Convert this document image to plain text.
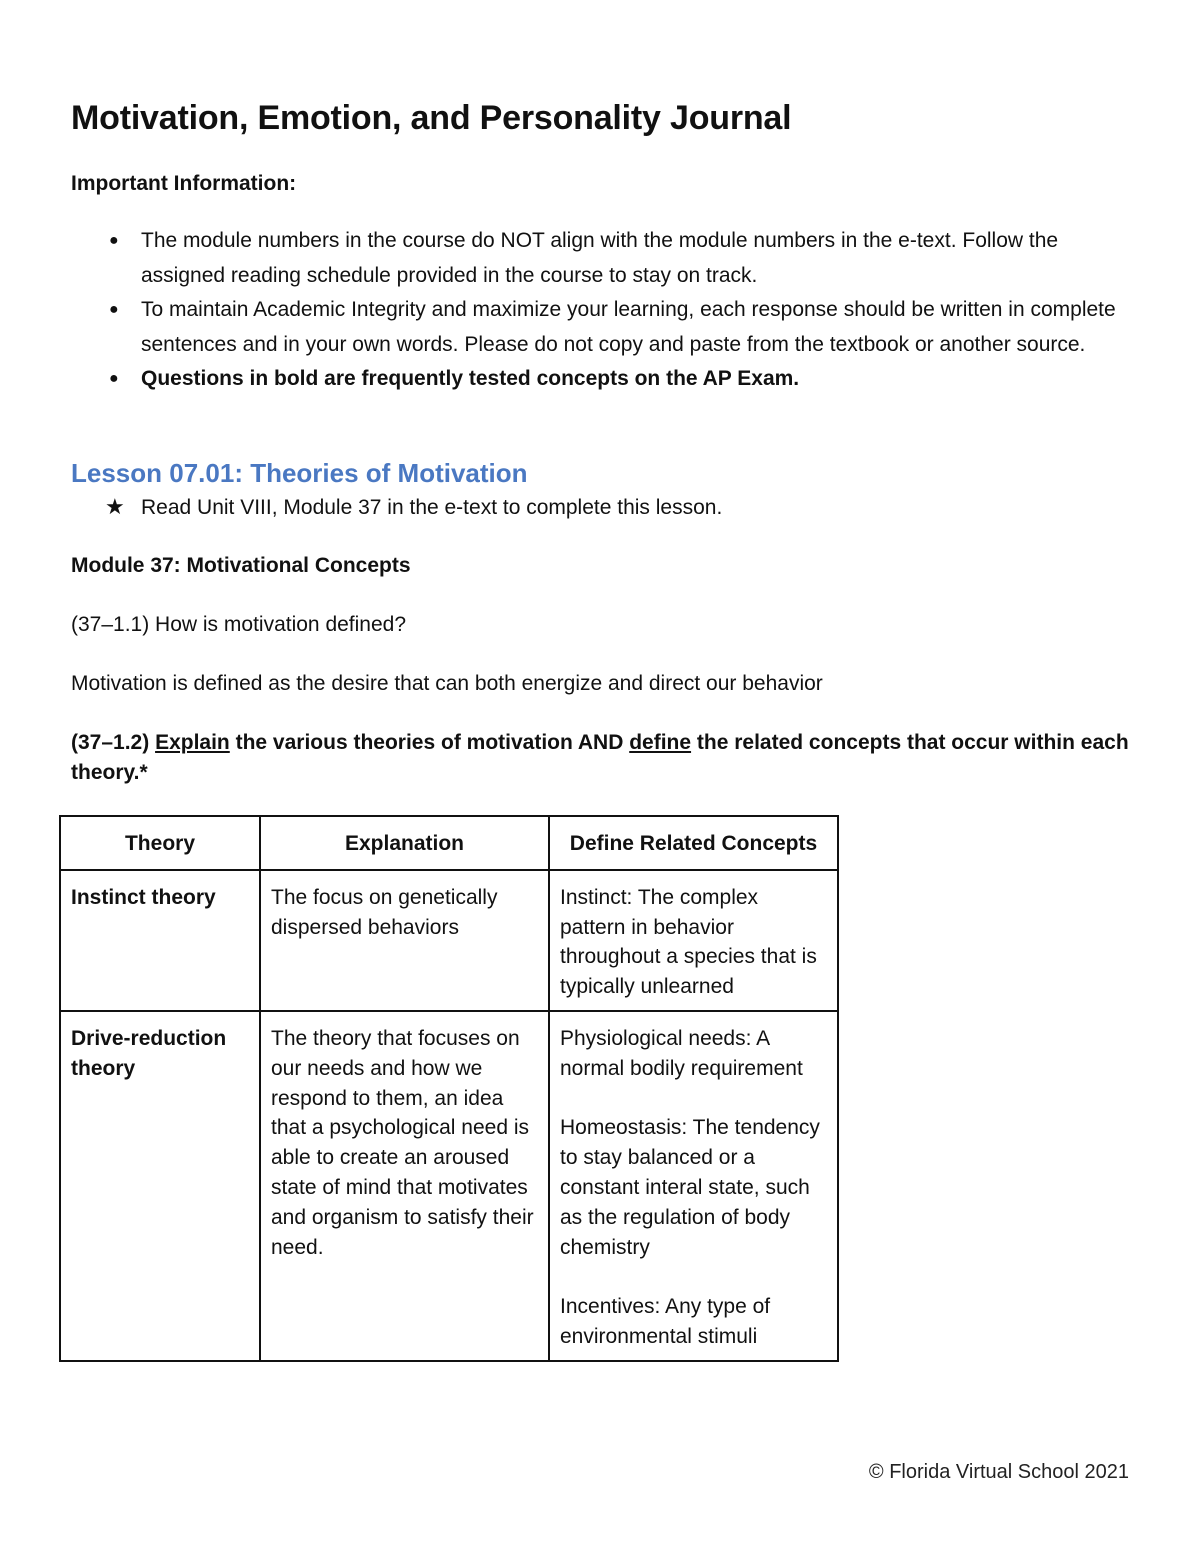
Motivation, Emotion, and Personality Journal
Important Information:
● The module numbers in the course do NOT align with the module numbers in the e-text. Follow the assigned reading schedule provided in the course to stay on track.
● To maintain Academic Integrity and maximize your learning, each response should be written in complete sentences and in your own words. Please do not copy and paste from the textbook or another source.
● Questions in bold are frequently tested concepts on the AP Exam.
Lesson 07.01: Theories of Motivation
★ Read Unit VIII, Module 37 in the e-text to complete this lesson.
Module 37: Motivational Concepts
(37–1.1) How is motivation defined?
Motivation is defined as the desire that can both energize and direct our behavior
(37–1.2) Explain the various theories of motivation AND define the related concepts that occur within each theory.*
Theory	Explanation	Define Related Concepts
Instinct theory	The focus on genetically dispersed behaviors	Instinct: The complex pattern in behavior throughout a species that is typically unlearned

Drive-reduction theory	The theory that focuses on our needs and how we respond to them, an idea that a psychological need is able to create an aroused state of mind that motivates and organism to satisfy their need.	Physiological needs: A normal bodily requirement
Homeostasis: The tendency to stay balanced or a constant interal state, such as the regulation of body chemistry
Incentives: Any type of environmental stimuli
© Florida Virtual School 2021
